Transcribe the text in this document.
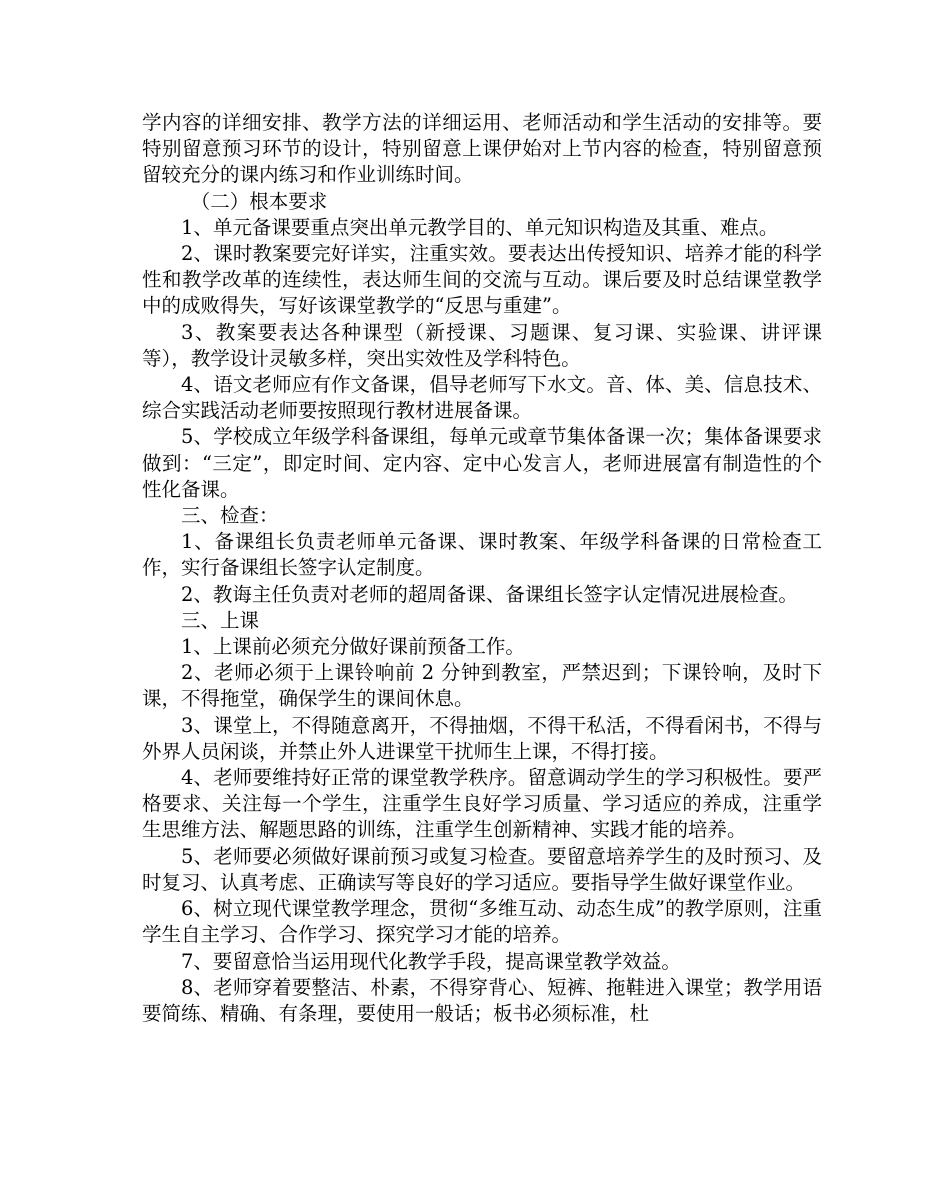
学内容的详细安排、教学方法的详细运用、老师活动和学生活动的安排等。要特别留意预习环节的设计，特别留意上课伊始对上节内容的检查，特别留意预留较充分的课内练习和作业训练时间。

（二）根本要求

1、单元备课要重点突出单元教学目的、单元知识构造及其重、难点。

2、课时教案要完好详实，注重实效。要表达出传授知识、培养才能的科学性和教学改革的连续性，表达师生间的交流与互动。课后要及时总结课堂教学中的成败得失，写好该课堂教学的“反思与重建”。

3、教案要表达各种课型（新授课、习题课、复习课、实验课、讲评课等），教学设计灵敏多样，突出实效性及学科特色。

4、语文老师应有作文备课，倡导老师写下水文。音、体、美、信息技术、综合实践活动老师要按照现行教材进展备课。

5、学校成立年级学科备课组，每单元或章节集体备课一次；集体备课要求做到：“三定”，即定时间、定内容、定中心发言人，老师进展富有制造性的个性化备课。

三、检查：

1、备课组长负责老师单元备课、课时教案、年级学科备课的日常检查工作，实行备课组长签字认定制度。

2、教诲主任负责对老师的超周备课、备课组长签字认定情况进展检查。

三、上课

1、上课前必须充分做好课前预备工作。

2、老师必须于上课铃响前 2 分钟到教室，严禁迟到；下课铃响，及时下课，不得拖堂，确保学生的课间休息。

3、课堂上，不得随意离开，不得抽烟，不得干私活，不得看闲书，不得与外界人员闲谈，并禁止外人进课堂干扰师生上课，不得打接。

4、老师要维持好正常的课堂教学秩序。留意调动学生的学习积极性。要严格要求、关注每一个学生，注重学生良好学习质量、学习适应的养成，注重学生思维方法、解题思路的训练，注重学生创新精神、实践才能的培养。

5、老师要必须做好课前预习或复习检查。要留意培养学生的及时预习、及时复习、认真考虑、正确读写等良好的学习适应。要指导学生做好课堂作业。

6、树立现代课堂教学理念，贯彻“多维互动、动态生成”的教学原则，注重学生自主学习、合作学习、探究学习才能的培养。

7、要留意恰当运用现代化教学手段，提高课堂教学效益。

8、老师穿着要整洁、朴素，不得穿背心、短裤、拖鞋进入课堂；教学用语要简练、精确、有条理，要使用一般话；板书必须标准，杜
